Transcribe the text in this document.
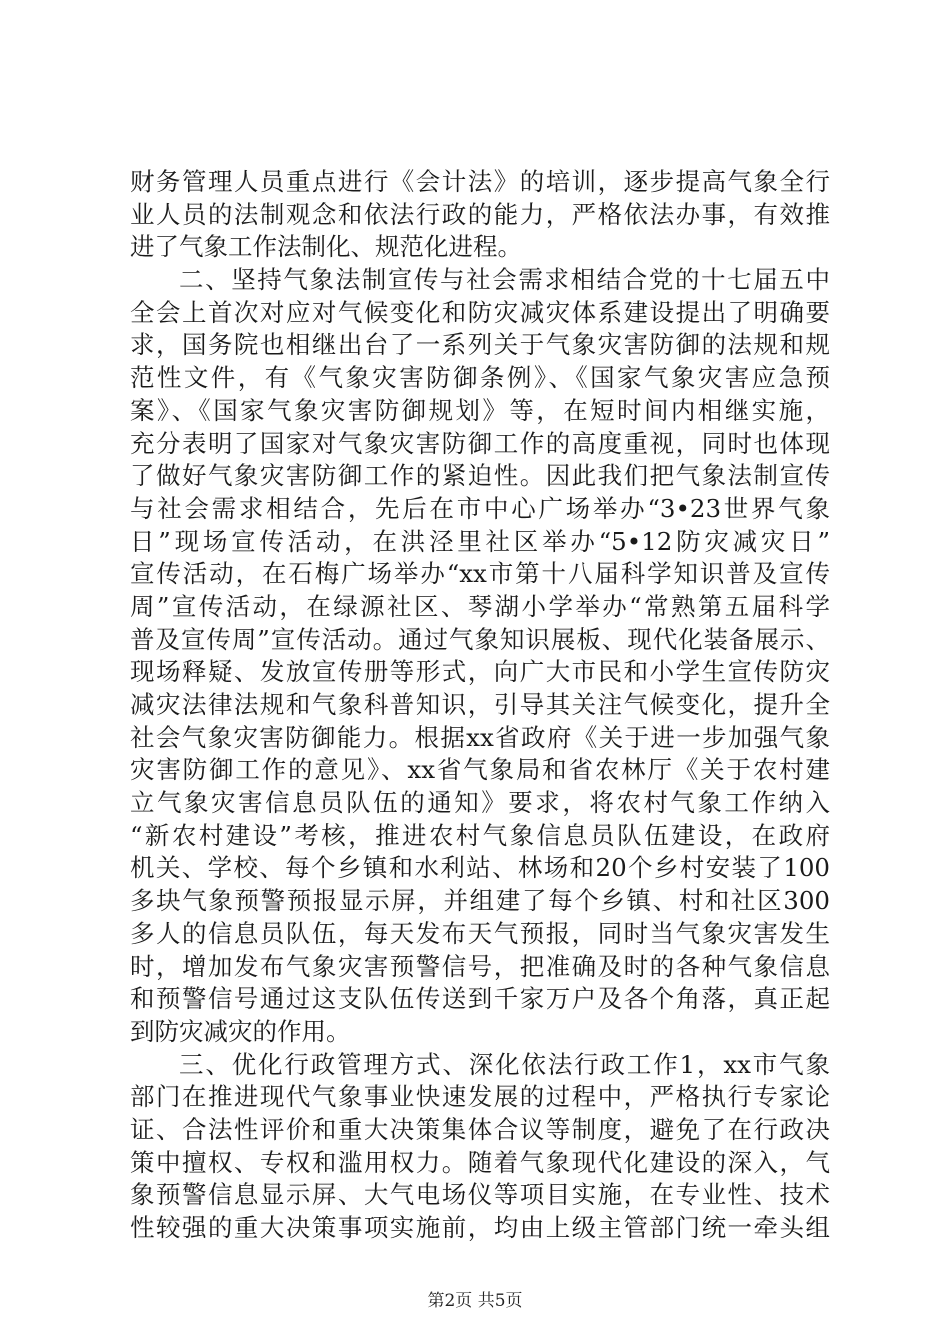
财务管理人员重点进行《会计法》的培训，逐步提高气象全行
业人员的法制观念和依法行政的能力，严格依法办事，有效推
进了气象工作法制化、规范化进程。
二、坚持气象法制宣传与社会需求相结合党的十七届五中
全会上首次对应对气候变化和防灾减灾体系建设提出了明确要
求，国务院也相继出台了一系列关于气象灾害防御的法规和规
范性文件，有《气象灾害防御条例》、《国家气象灾害应急预
案》、《国家气象灾害防御规划》等，在短时间内相继实施，
充分表明了国家对气象灾害防御工作的高度重视，同时也体现
了做好气象灾害防御工作的紧迫性。因此我们把气象法制宣传
与社会需求相结合，先后在市中心广场举办“3•23世界气象
日”现场宣传活动，在洪泾里社区举办“5•12防灾减灾日”
宣传活动，在石梅广场举办“xx市第十八届科学知识普及宣传
周”宣传活动，在绿源社区、琴湖小学举办“常熟第五届科学
普及宣传周”宣传活动。通过气象知识展板、现代化装备展示、
现场释疑、发放宣传册等形式，向广大市民和小学生宣传防灾
减灾法律法规和气象科普知识，引导其关注气候变化，提升全
社会气象灾害防御能力。根据xx省政府《关于进一步加强气象
灾害防御工作的意见》、xx省气象局和省农林厅《关于农村建
立气象灾害信息员队伍的通知》要求，将农村气象工作纳入
“新农村建设”考核，推进农村气象信息员队伍建设，在政府
机关、学校、每个乡镇和水利站、林场和20个乡村安装了100
多块气象预警预报显示屏，并组建了每个乡镇、村和社区300
多人的信息员队伍，每天发布天气预报，同时当气象灾害发生
时，增加发布气象灾害预警信号，把准确及时的各种气象信息
和预警信号通过这支队伍传送到千家万户及各个角落，真正起
到防灾减灾的作用。
三、优化行政管理方式、深化依法行政工作1，xx市气象
部门在推进现代气象事业快速发展的过程中，严格执行专家论
证、合法性评价和重大决策集体合议等制度，避免了在行政决
策中擅权、专权和滥用权力。随着气象现代化建设的深入，气
象预警信息显示屏、大气电场仪等项目实施，在专业性、技术
性较强的重大决策事项实施前，均由上级主管部门统一牵头组
第2页 共5页
